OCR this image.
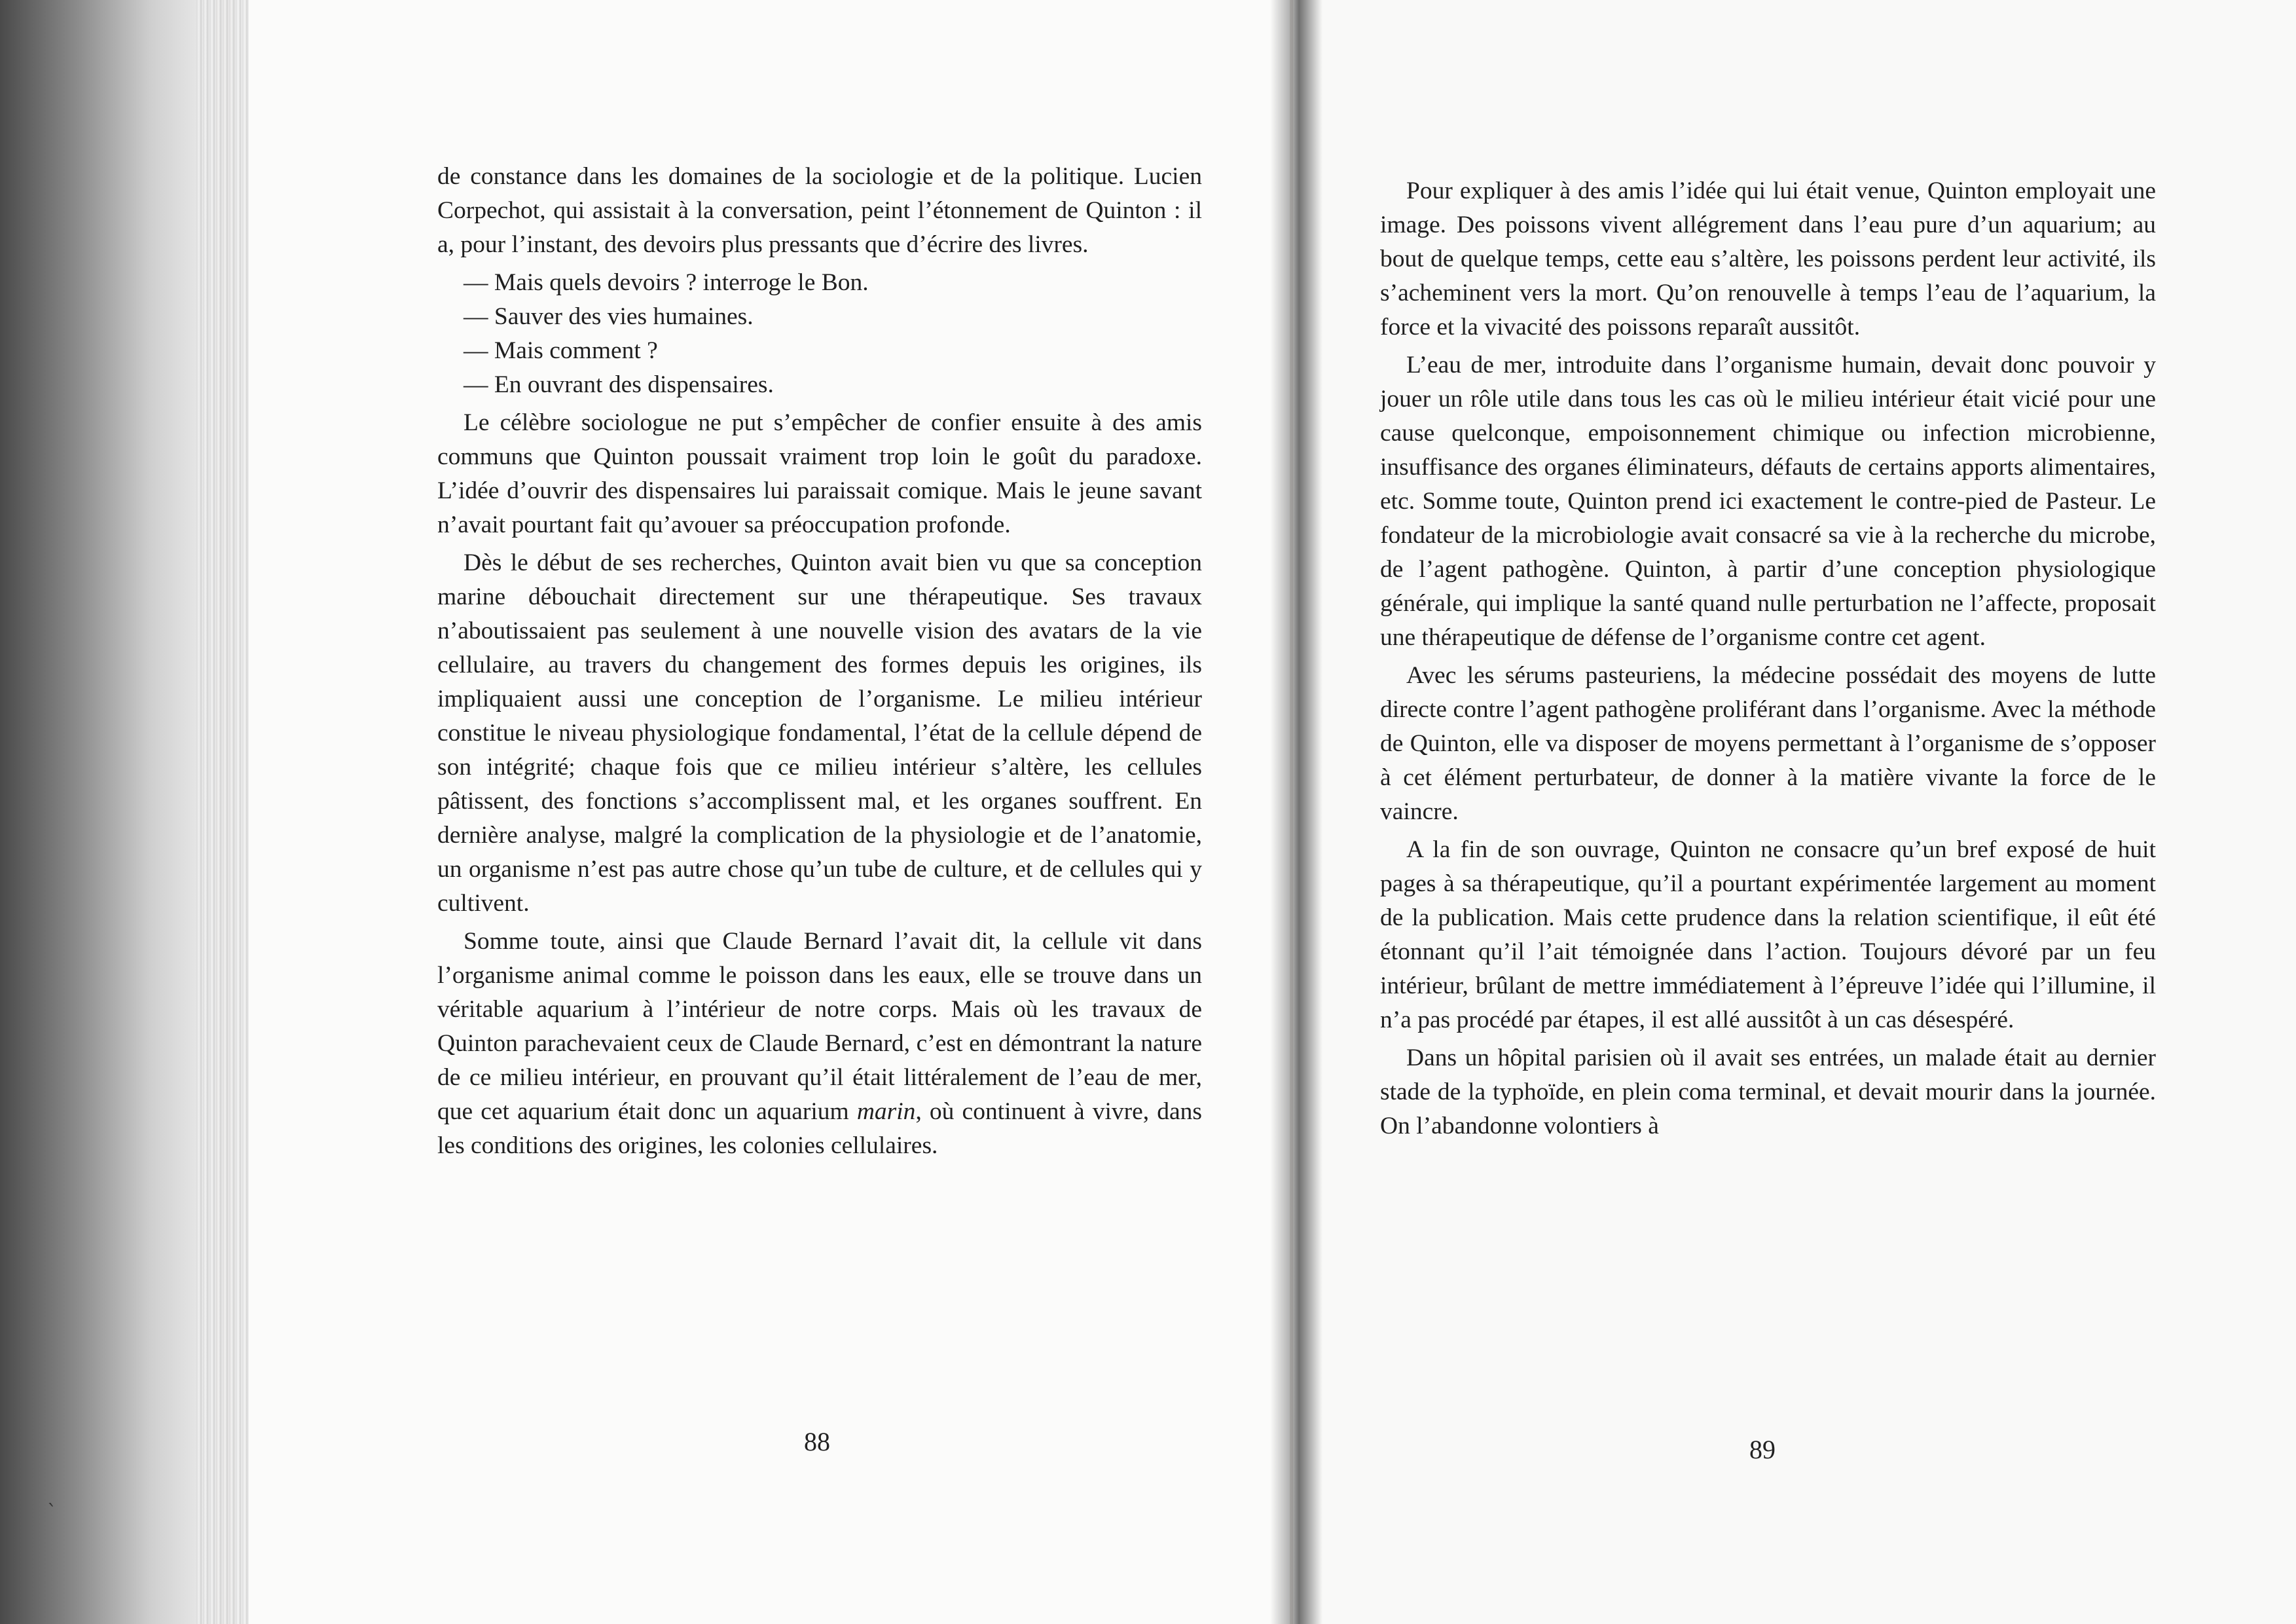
de constance dans les domaines de la sociologie et de la politique. Lucien Corpechot, qui assistait à la conversation, peint l’étonnement de Quinton : il a, pour l’instant, des devoirs plus pressants que d’écrire des livres.

— Mais quels devoirs ? interroge le Bon.

— Sauver des vies humaines.

— Mais comment ?

— En ouvrant des dispensaires.

Le célèbre sociologue ne put s’empêcher de confier ensuite à des amis communs que Quinton poussait vraiment trop loin le goût du paradoxe. L’idée d’ouvrir des dispensaires lui paraissait comique. Mais le jeune savant n’avait pourtant fait qu’avouer sa préoccupation profonde.

Dès le début de ses recherches, Quinton avait bien vu que sa conception marine débouchait directement sur une thérapeutique. Ses travaux n’aboutissaient pas seulement à une nouvelle vision des avatars de la vie cellulaire, au travers du changement des formes depuis les origines, ils impliquaient aussi une conception de l’organisme. Le milieu intérieur constitue le niveau physiologique fondamental, l’état de la cellule dépend de son intégrité; chaque fois que ce milieu intérieur s’altère, les cellules pâtissent, des fonctions s’accomplissent mal, et les organes souffrent. En dernière analyse, malgré la complication de la physiologie et de l’anatomie, un organisme n’est pas autre chose qu’un tube de culture, et de cellules qui y cultivent.

Somme toute, ainsi que Claude Bernard l’avait dit, la cellule vit dans l’organisme animal comme le poisson dans les eaux, elle se trouve dans un véritable aquarium à l’intérieur de notre corps. Mais où les travaux de Quinton parachevaient ceux de Claude Bernard, c’est en démontrant la nature de ce milieu intérieur, en prouvant qu’il était littéralement de l’eau de mer, que cet aquarium était donc un aquarium marin, où continuent à vivre, dans les conditions des origines, les colonies cellulaires.

88

Pour expliquer à des amis l’idée qui lui était venue, Quinton employait une image. Des poissons vivent allégrement dans l’eau pure d’un aquarium; au bout de quelque temps, cette eau s’altère, les poissons perdent leur activité, ils s’acheminent vers la mort. Qu’on renouvelle à temps l’eau de l’aquarium, la force et la vivacité des poissons reparaît aussitôt.

L’eau de mer, introduite dans l’organisme humain, devait donc pouvoir y jouer un rôle utile dans tous les cas où le milieu intérieur était vicié pour une cause quelconque, empoisonnement chimique ou infection microbienne, insuffisance des organes éliminateurs, défauts de certains apports alimentaires, etc. Somme toute, Quinton prend ici exactement le contre-pied de Pasteur. Le fondateur de la microbiologie avait consacré sa vie à la recherche du microbe, de l’agent pathogène. Quinton, à partir d’une conception physiologique générale, qui implique la santé quand nulle perturbation ne l’affecte, proposait une thérapeutique de défense de l’organisme contre cet agent.

Avec les sérums pasteuriens, la médecine possédait des moyens de lutte directe contre l’agent pathogène proliférant dans l’organisme. Avec la méthode de Quinton, elle va disposer de moyens permettant à l’organisme de s’opposer à cet élément perturbateur, de donner à la matière vivante la force de le vaincre.

A la fin de son ouvrage, Quinton ne consacre qu’un bref exposé de huit pages à sa thérapeutique, qu’il a pourtant expérimentée largement au moment de la publication. Mais cette prudence dans la relation scientifique, il eût été étonnant qu’il l’ait témoignée dans l’action. Toujours dévoré par un feu intérieur, brûlant de mettre immédiatement à l’épreuve l’idée qui l’illumine, il n’a pas procédé par étapes, il est allé aussitôt à un cas désespéré.

Dans un hôpital parisien où il avait ses entrées, un malade était au dernier stade de la typhoïde, en plein coma terminal, et devait mourir dans la journée. On l’abandonne volontiers à

89
`
